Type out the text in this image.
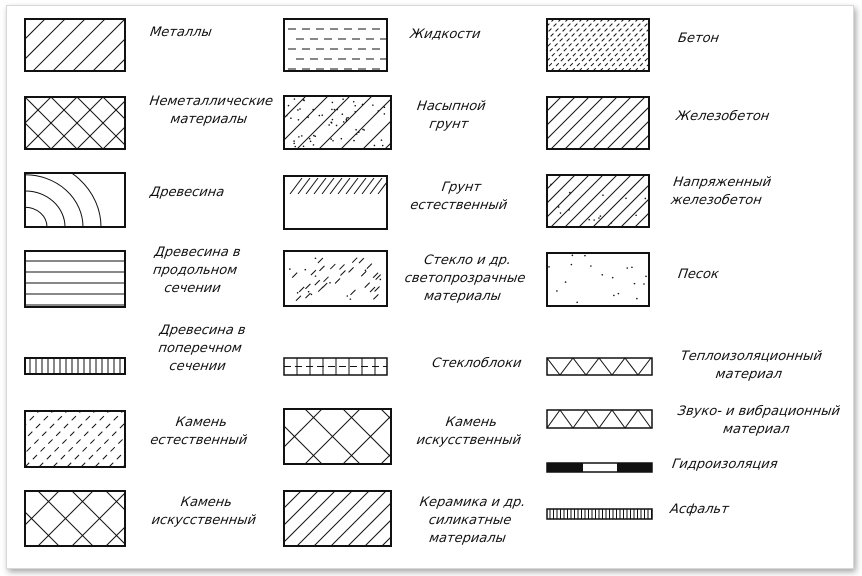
Металлы
Неметаллические
материалы
Древесина
Древесина в
продольном
сечении
Древесина в
поперечном
сечении
Камень
естественный
Камень
искусственный
Жидкости
Насыпной
грунт
Грунт
естественный
Стекло и др.
светопрозрачные
материалы
Стеклоблоки
Камень
искусственный
Керамика и др.
силикатные
материалы
Бетон
Железобетон
Напряженный
железобетон
Песок
Теплоизоляционный
материал
Звуко- и вибрационный
материал
Гидроизоляция
Асфальт
